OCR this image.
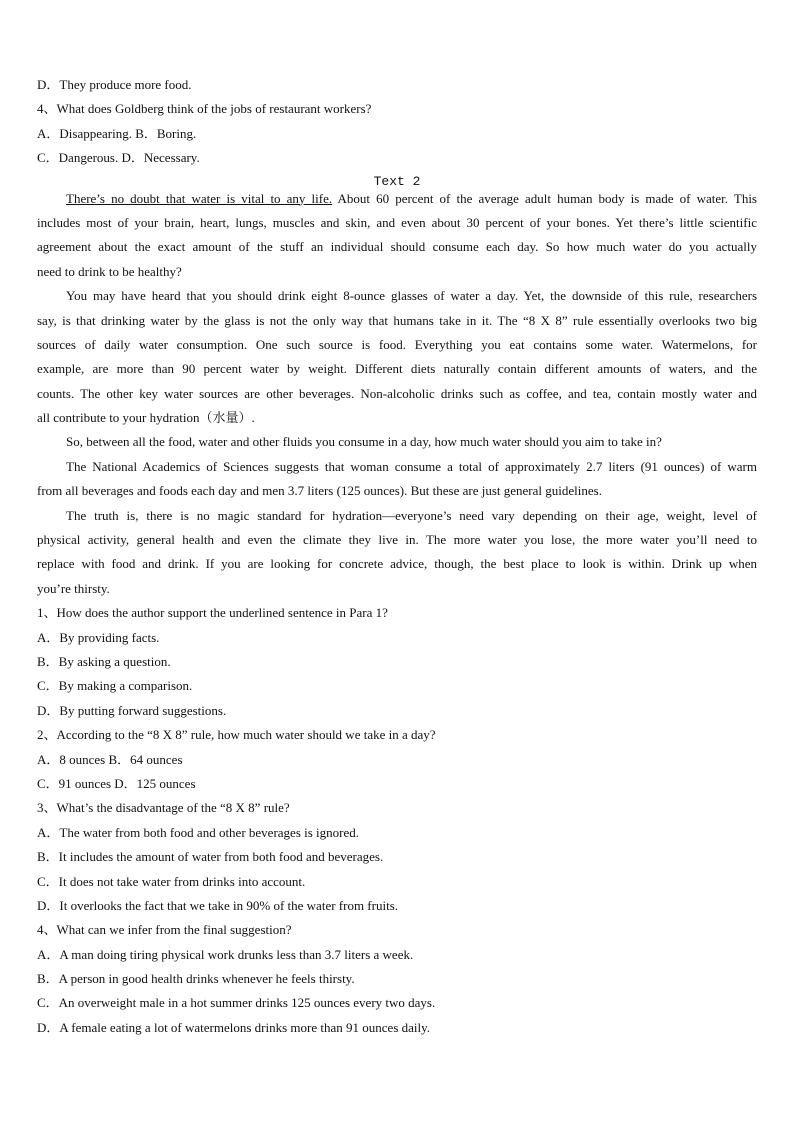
D．They produce more food.
4、What does Goldberg think of the jobs of restaurant workers?
A．Disappearing. B．Boring.
C．Dangerous. D．Necessary.
Text 2
There’s no doubt that water is vital to any life. About 60 percent of the average adult human body is made of water. This
includes most of your brain, heart, lungs, muscles and skin, and even about 30 percent of your bones. Yet there’s little scientific
agreement about the exact amount of the stuff an individual should consume each day. So how much water do you actually
need to drink to be healthy?
You may have heard that you should drink eight 8-ounce glasses of water a day. Yet, the downside of this rule, researchers
say, is that drinking water by the glass is not the only way that humans take in it. The “8 X 8” rule essentially overlooks two big
sources of daily water consumption. One such source is food. Everything you eat contains some water. Watermelons, for
example, are more than 90 percent water by weight. Different diets naturally contain different amounts of waters, and the
counts. The other key water sources are other beverages. Non-alcoholic drinks such as coffee, and tea, contain mostly water and
all contribute to your hydration（水量）.
So, between all the food, water and other fluids you consume in a day, how much water should you aim to take in?
The National Academics of Sciences suggests that woman consume a total of approximately 2.7 liters (91 ounces) of warm
from all beverages and foods each day and men 3.7 liters (125 ounces). But these are just general guidelines.
The truth is, there is no magic standard for hydration—everyone’s need vary depending on their age, weight, level of
physical activity, general health and even the climate they live in. The more water you lose, the more water you’ll need to
replace with food and drink. If you are looking for concrete advice, though, the best place to look is within. Drink up when
you’re thirsty.
1、How does the author support the underlined sentence in Para 1?
A．By providing facts.
B．By asking a question.
C．By making a comparison.
D．By putting forward suggestions.
2、According to the “8 X 8” rule, how much water should we take in a day?
A．8 ounces B．64 ounces
C．91 ounces D．125 ounces
3、What’s the disadvantage of the “8 X 8” rule?
A．The water from both food and other beverages is ignored.
B．It includes the amount of water from both food and beverages.
C．It does not take water from drinks into account.
D．It overlooks the fact that we take in 90% of the water from fruits.
4、What can we infer from the final suggestion?
A．A man doing tiring physical work drunks less than 3.7 liters a week.
B．A person in good health drinks whenever he feels thirsty.
C．An overweight male in a hot summer drinks 125 ounces every two days.
D．A female eating a lot of watermelons drinks more than 91 ounces daily.
